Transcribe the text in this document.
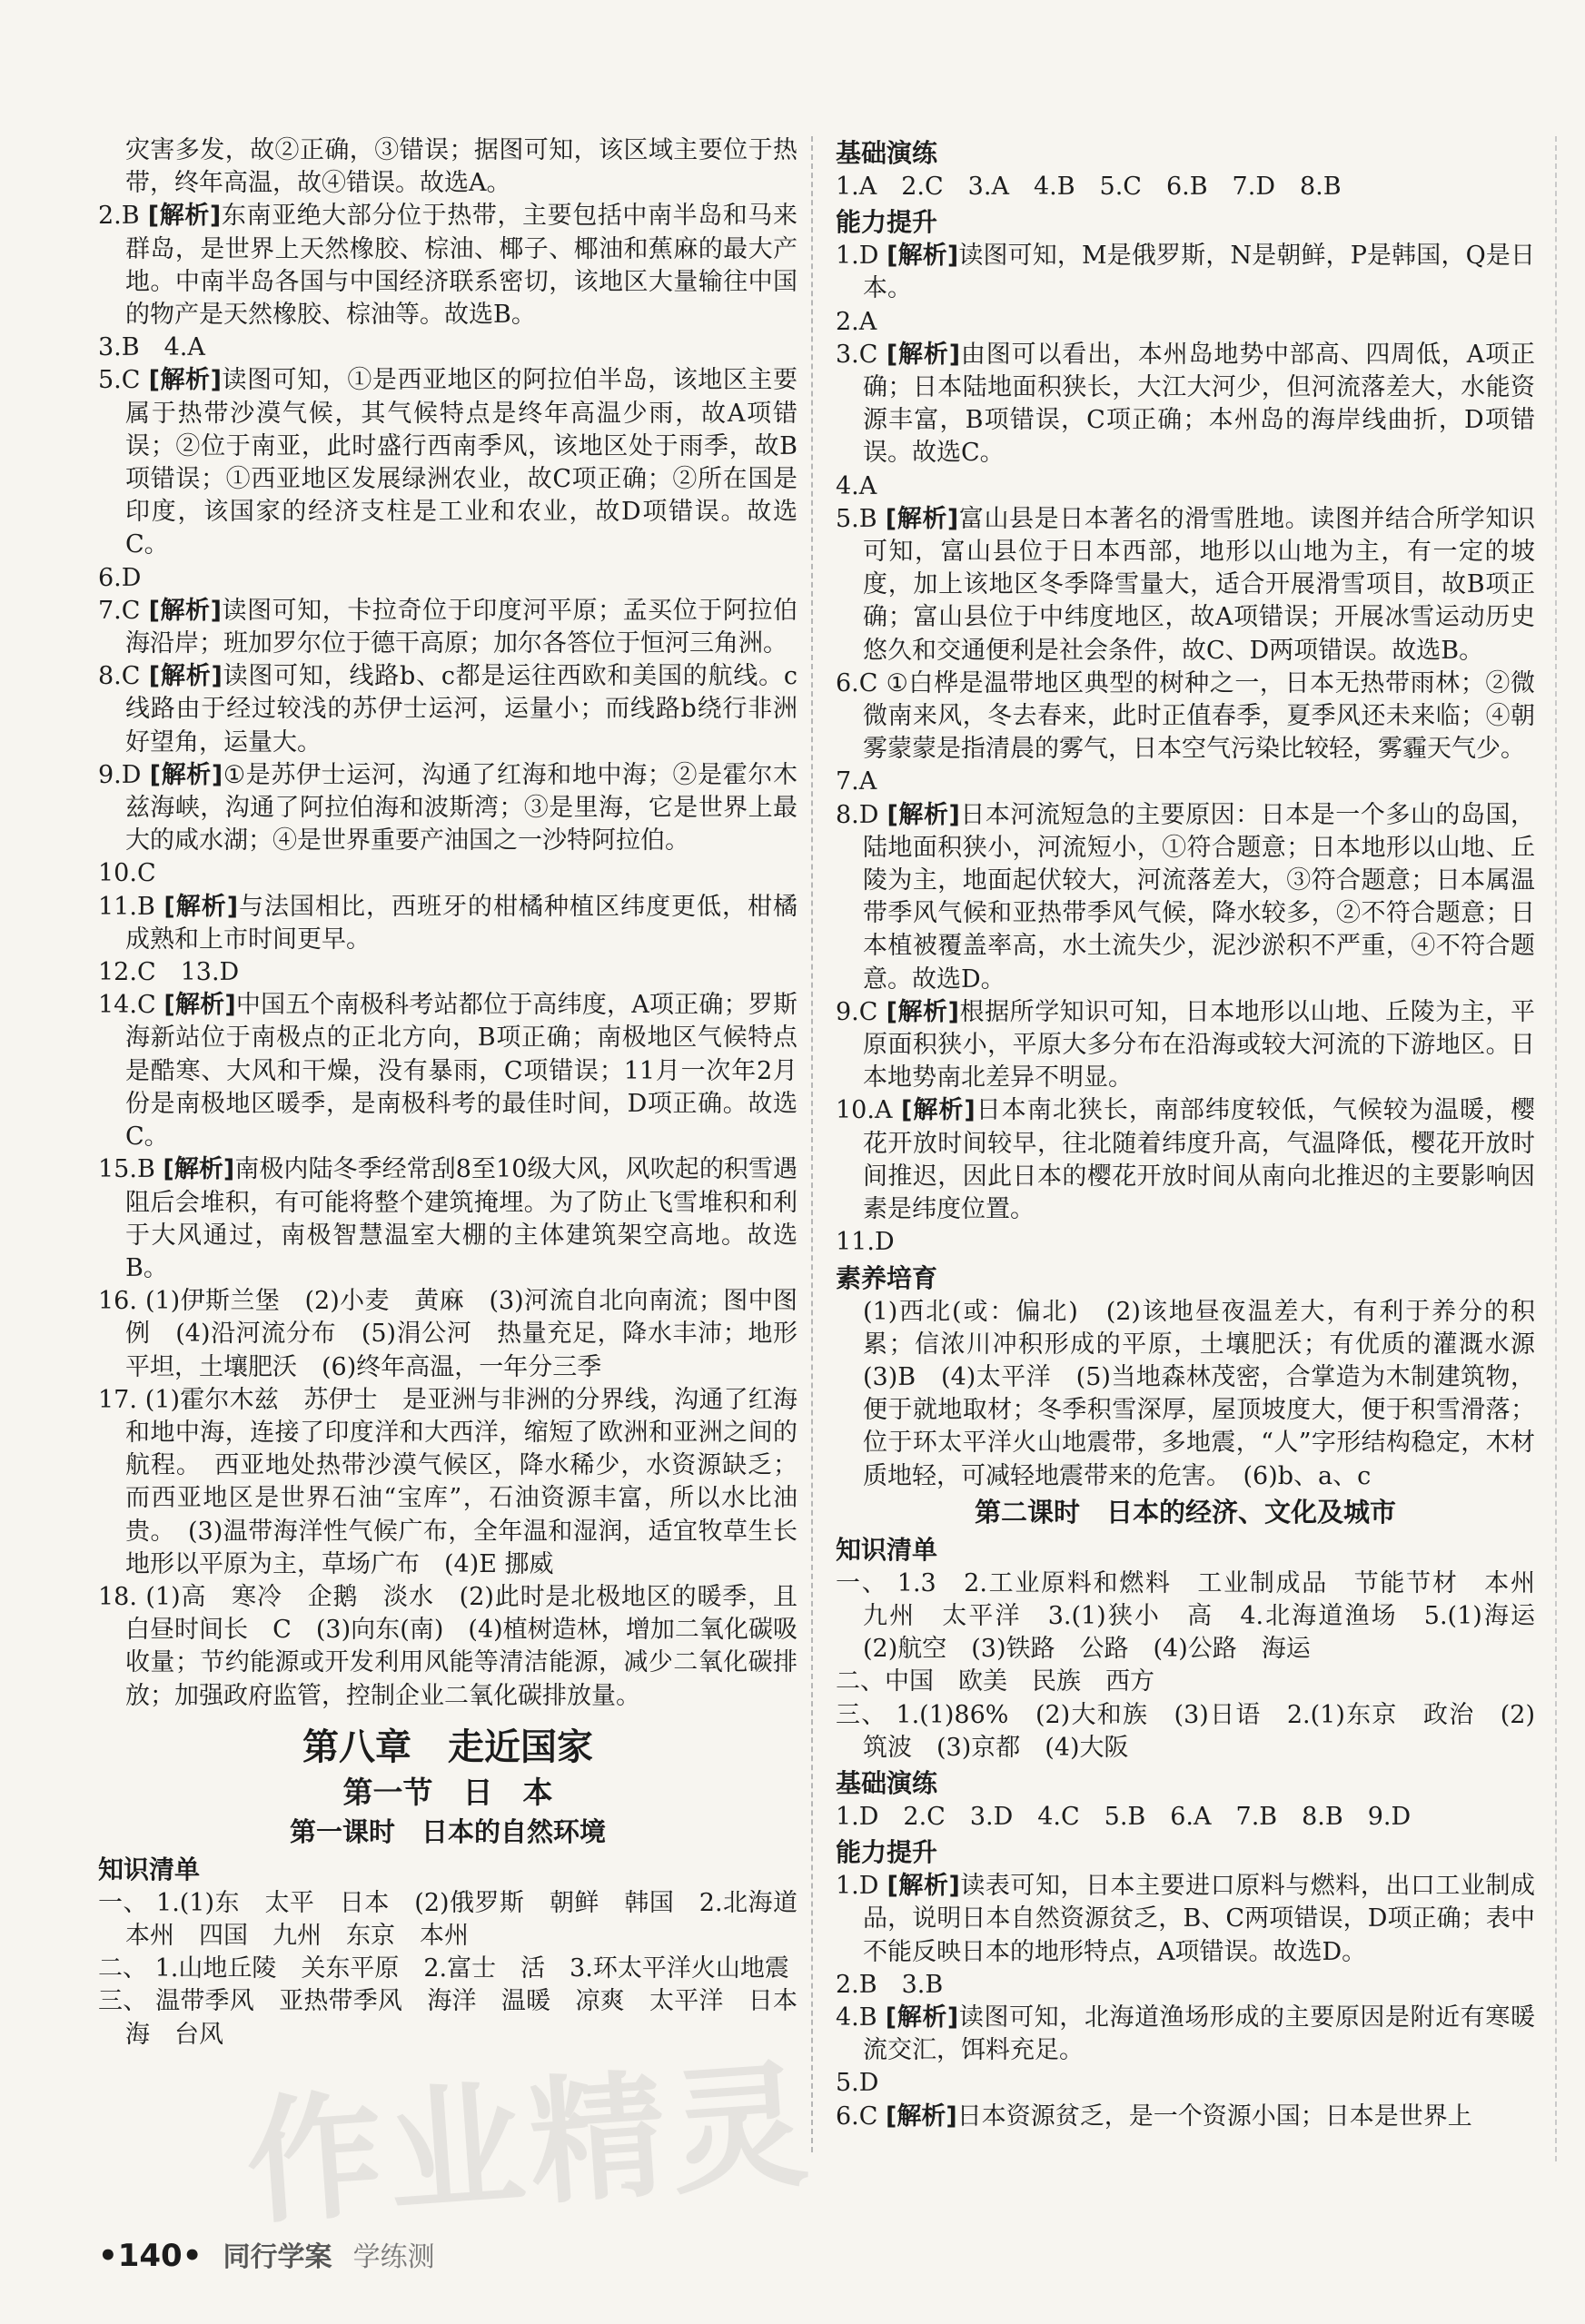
灾害多发，故②正确，③错误；据图可知，该区域主要位于热带，终年高温，故④错误。故选A。
2.B [解析]东南亚绝大部分位于热带，主要包括中南半岛和马来群岛，是世界上天然橡胶、棕油、椰子、椰油和蕉麻的最大产地。中南半岛各国与中国经济联系密切，该地区大量输往中国的物产是天然橡胶、棕油等。故选B。
3.B　4.A
5.C [解析]读图可知，①是西亚地区的阿拉伯半岛，该地区主要属于热带沙漠气候，其气候特点是终年高温少雨，故A项错误；②位于南亚，此时盛行西南季风，该地区处于雨季，故B项错误；①西亚地区发展绿洲农业，故C项正确；②所在国是印度，该国家的经济支柱是工业和农业，故D项错误。故选C。
6.D
7.C [解析]读图可知，卡拉奇位于印度河平原；孟买位于阿拉伯海沿岸；班加罗尔位于德干高原；加尔各答位于恒河三角洲。
8.C [解析]读图可知，线路b、c都是运往西欧和美国的航线。c线路由于经过较浅的苏伊士运河，运量小；而线路b绕行非洲好望角，运量大。
9.D [解析]①是苏伊士运河，沟通了红海和地中海；②是霍尔木兹海峡，沟通了阿拉伯海和波斯湾；③是里海，它是世界上最大的咸水湖；④是世界重要产油国之一沙特阿拉伯。
10.C
11.B [解析]与法国相比，西班牙的柑橘种植区纬度更低，柑橘成熟和上市时间更早。
12.C　13.D
14.C [解析]中国五个南极科考站都位于高纬度，A项正确；罗斯海新站位于南极点的正北方向，B项正确；南极地区气候特点是酷寒、大风和干燥，没有暴雨，C项错误；11月一次年2月份是南极地区暖季，是南极科考的最佳时间，D项正确。故选C。
15.B [解析]南极内陆冬季经常刮8至10级大风，风吹起的积雪遇阻后会堆积，有可能将整个建筑掩埋。为了防止飞雪堆积和利于大风通过，南极智慧温室大棚的主体建筑架空高地。故选B。
16. (1)伊斯兰堡　(2)小麦　黄麻　(3)河流自北向南流；图中图例　(4)沿河流分布　(5)涓公河　热量充足，降水丰沛；地形平坦，土壤肥沃　(6)终年高温，一年分三季
17. (1)霍尔木兹　苏伊士　是亚洲与非洲的分界线，沟通了红海和地中海，连接了印度洋和大西洋，缩短了欧洲和亚洲之间的航程。　西亚地处热带沙漠气候区，降水稀少，水资源缺乏；而西亚地区是世界石油“宝库”，石油资源丰富，所以水比油贵。　(3)温带海洋性气候广布，全年温和湿润，适宜牧草生长　地形以平原为主，草场广布　(4)E 挪威
18. (1)高　寒冷　企鹅　淡水　(2)此时是北极地区的暖季，且白昼时间长　C　(3)向东(南)　(4)植树造林，增加二氧化碳吸收量；节约能源或开发利用风能等清洁能源，减少二氧化碳排放；加强政府监管，控制企业二氧化碳排放量。
第八章　走近国家
第一节　日　本
第一课时　日本的自然环境
知识清单
一、 1.(1)东　太平　日本　(2)俄罗斯　朝鲜　韩国　2.北海道　本州　四国　九州　东京　本州
二、 1.山地丘陵　关东平原　2.富士　活　3.环太平洋火山地震
三、 温带季风　亚热带季风　海洋　温暖　凉爽　太平洋　日本海　台风
基础演练
1.A　2.C　3.A　4.B　5.C　6.B　7.D　8.B
能力提升
1.D [解析]读图可知，M是俄罗斯，N是朝鲜，P是韩国，Q是日本。
2.A
3.C [解析]由图可以看出，本州岛地势中部高、四周低，A项正确；日本陆地面积狭长，大江大河少，但河流落差大，水能资源丰富，B项错误，C项正确；本州岛的海岸线曲折，D项错误。故选C。
4.A
5.B [解析]富山县是日本著名的滑雪胜地。读图并结合所学知识可知，富山县位于日本西部，地形以山地为主，有一定的坡度，加上该地区冬季降雪量大，适合开展滑雪项目，故B项正确；富山县位于中纬度地区，故A项错误；开展冰雪运动历史悠久和交通便利是社会条件，故C、D两项错误。故选B。
6.C ①白桦是温带地区典型的树种之一，日本无热带雨林；②微微南来风，冬去春来，此时正值春季，夏季风还未来临；④朝雾蒙蒙是指清晨的雾气，日本空气污染比较轻，雾霾天气少。
7.A
8.D [解析]日本河流短急的主要原因：日本是一个多山的岛国，陆地面积狭小，河流短小，①符合题意；日本地形以山地、丘陵为主，地面起伏较大，河流落差大，③符合题意；日本属温带季风气候和亚热带季风气候，降水较多，②不符合题意；日本植被覆盖率高，水土流失少，泥沙淤积不严重，④不符合题意。故选D。
9.C [解析]根据所学知识可知，日本地形以山地、丘陵为主，平原面积狭小，平原大多分布在沿海或较大河流的下游地区。日本地势南北差异不明显。
10.A [解析]日本南北狭长，南部纬度较低，气候较为温暖，樱花开放时间较早，往北随着纬度升高，气温降低，樱花开放时间推迟，因此日本的樱花开放时间从南向北推迟的主要影响因素是纬度位置。
11.D
素养培育
(1)西北(或：偏北)　(2)该地昼夜温差大，有利于养分的积累；信浓川冲积形成的平原，土壤肥沃；有优质的灌溉水源　(3)B　(4)太平洋　(5)当地森林茂密，合掌造为木制建筑物，便于就地取材；冬季积雪深厚，屋顶坡度大，便于积雪滑落；位于环太平洋火山地震带，多地震，“人”字形结构稳定，木材质地轻，可减轻地震带来的危害。　(6)b、a、c
第二课时　日本的经济、文化及城市
知识清单
一、 1.3　2.工业原料和燃料　工业制成品　节能节材　本州　九州　太平洋　3.(1)狭小　高　4.北海道渔场　5.(1)海运　(2)航空　(3)铁路　公路　(4)公路　海运
二、中国　欧美　民族　西方
三、 1.(1)86%　(2)大和族　(3)日语　2.(1)东京　政治　(2)筑波　(3)京都　(4)大阪
基础演练
1.D　2.C　3.D　4.C　5.B　6.A　7.B　8.B　9.D
能力提升
1.D [解析]读表可知，日本主要进口原料与燃料，出口工业制成品，说明日本自然资源贫乏，B、C两项错误，D项正确；表中不能反映日本的地形特点，A项错误。故选D。
2.B　3.B
4.B [解析]读图可知，北海道渔场形成的主要原因是附近有寒暖流交汇，饵料充足。
5.D
6.C [解析]日本资源贫乏，是一个资源小国；日本是世界上
作业精灵
•140• 同行学案 学练测
